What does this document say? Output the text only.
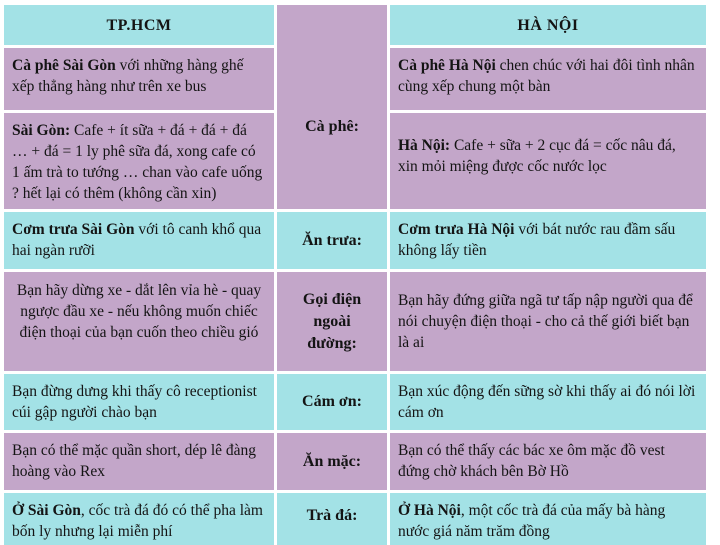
TP.HCM	HÀ NỘI
Cà phê Sài Gòn với những hàng ghế xếp thẳng hàng như trên xe bus
Sài Gòn: Cafe + ít sữa + đá + đá + đá … + đá = 1 ly phê sữa đá, xong cafe có 1 ấm trà to tướng … chan vào cafe uống ? hết lại có thêm (không cần xin)
Cà phê:
Cà phê Hà Nội chen chúc với hai đôi tình nhân cùng xếp chung một bàn
Hà Nội: Cafe + sữa + 2 cục đá = cốc nâu đá, xin mỏi miệng được cốc nước lọc
Cơm trưa Sài Gòn với tô canh khổ qua hai ngàn rưỡi
Ăn trưa:
Cơm trưa Hà Nội với bát nước rau đầm sấu không lấy tiền
Bạn hãy dừng xe - dắt lên vỉa hè - quay ngược đầu xe - nếu không muốn chiếc điện thoại của bạn cuốn theo chiều gió
Gọi điện ngoài đường:
Bạn hãy đứng giữa ngã tư tấp nập người qua để nói chuyện điện thoại - cho cả thế giới biết bạn là ai
Bạn đừng dưng khi thấy cô receptionist cúi gập người chào bạn
Cám ơn:
Bạn xúc động đến sững sờ khi thấy ai đó nói lời cám ơn
Bạn có thể mặc quần short, dép lê đàng hoàng vào Rex
Ăn mặc:
Bạn có thể thấy các bác xe ôm mặc đồ vest đứng chờ khách bên Bờ Hồ
Ở Sài Gòn, cốc trà đá đó có thể pha làm bốn ly nhưng lại miễn phí
Trà đá:	Ở Hà Nội, một cốc trà đá của mấy bà hàng nước giá năm trăm đồng
